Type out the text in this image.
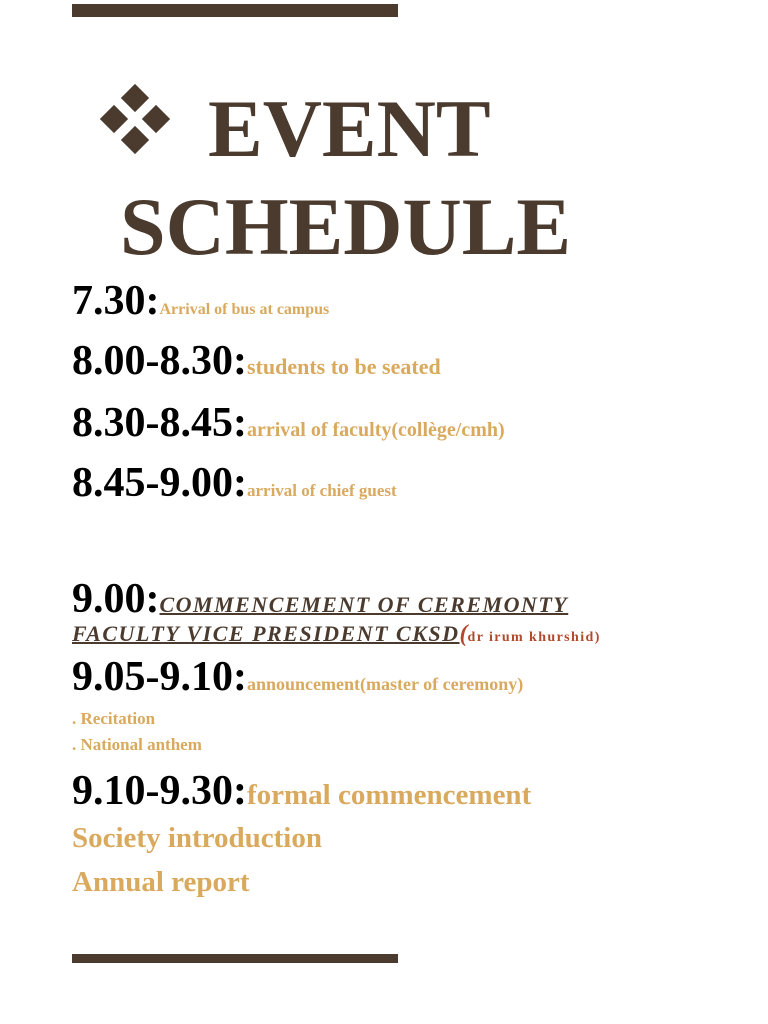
EVENT
SCHEDULE
7.30:Arrival of bus at campus
8.00-8.30:students to be seated
8.30-8.45:arrival of faculty(collège/cmh)
8.45-9.00:arrival of chief guest
9.00:COMMENCEMENT OF CEREMONTY
FACULTY VICE PRESIDENT CKSD(dr irum khurshid)
9.05-9.10:announcement(master of ceremony)
. Recitation
. National anthem
9.10-9.30:formal commencement
Society introduction
Annual report
